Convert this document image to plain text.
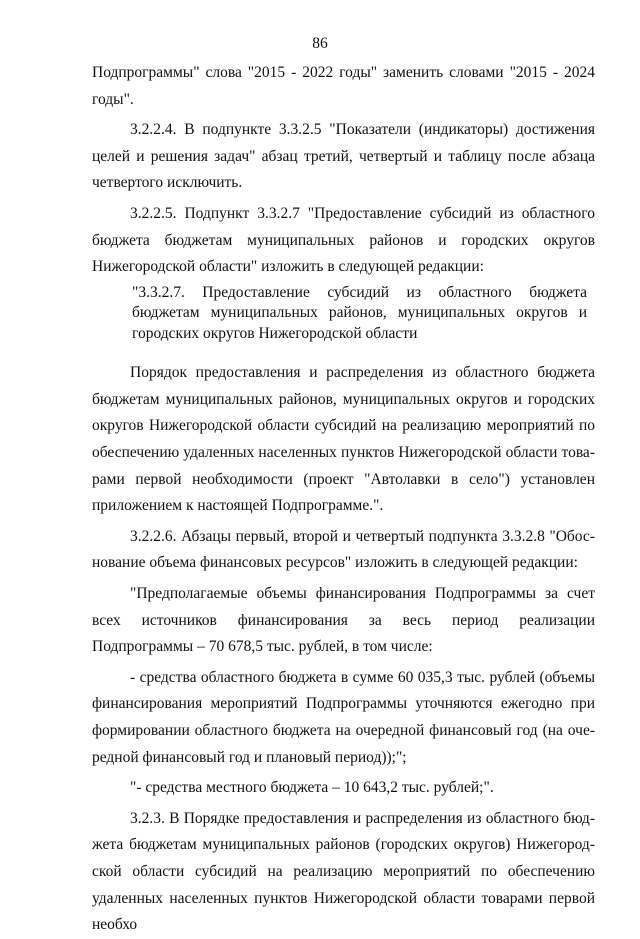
86

Подпрограммы" слова "2015 - 2022 годы" заменить словами "2015 - 2024 годы".

3.2.2.4. В подпункте 3.3.2.5 "Показатели (индикаторы) достижения целей и решения задач" абзац третий, четвертый и таблицу после абзаца четвертого исключить.

3.2.2.5. Подпункт 3.3.2.7 "Предоставление субсидий из областного бюджета бюджетам муниципальных районов и городских округов Нижегородской области" изложить в следующей редакции:

"3.3.2.7. Предоставление субсидий из областного бюджета бюджетам муниципальных районов, муниципальных округов и городских округов Нижегородской области

Порядок предоставления и распределения из областного бюджета бюджетам муниципальных районов, муниципальных округов и городских округов Нижегородской области субсидий на реализацию мероприятий по обеспечению удаленных населенных пунктов Нижегородской области товарами первой необходимости (проект "Автолавки в село") установлен приложением к настоящей Подпрограмме.".

3.2.2.6. Абзацы первый, второй и четвертый подпункта 3.3.2.8 "Обоснование объема финансовых ресурсов" изложить в следующей редакции:

"Предполагаемые объемы финансирования Подпрограммы за счет всех источников финансирования за весь период реализации Подпрограммы – 70 678,5 тыс. рублей, в том числе:

- средства областного бюджета в сумме 60 035,3 тыс. рублей (объемы финансирования мероприятий Подпрограммы уточняются ежегодно при формировании областного бюджета на очередной финансовый год (на очередной финансовый год и плановый период));";

"- средства местного бюджета – 10 643,2 тыс. рублей;".

3.2.3. В Порядке предоставления и распределения из областного бюджета бюджетам муниципальных районов (городских округов) Нижегородской области субсидий на реализацию мероприятий по обеспечению удаленных населенных пунктов Нижегородской области товарами первой необхо
